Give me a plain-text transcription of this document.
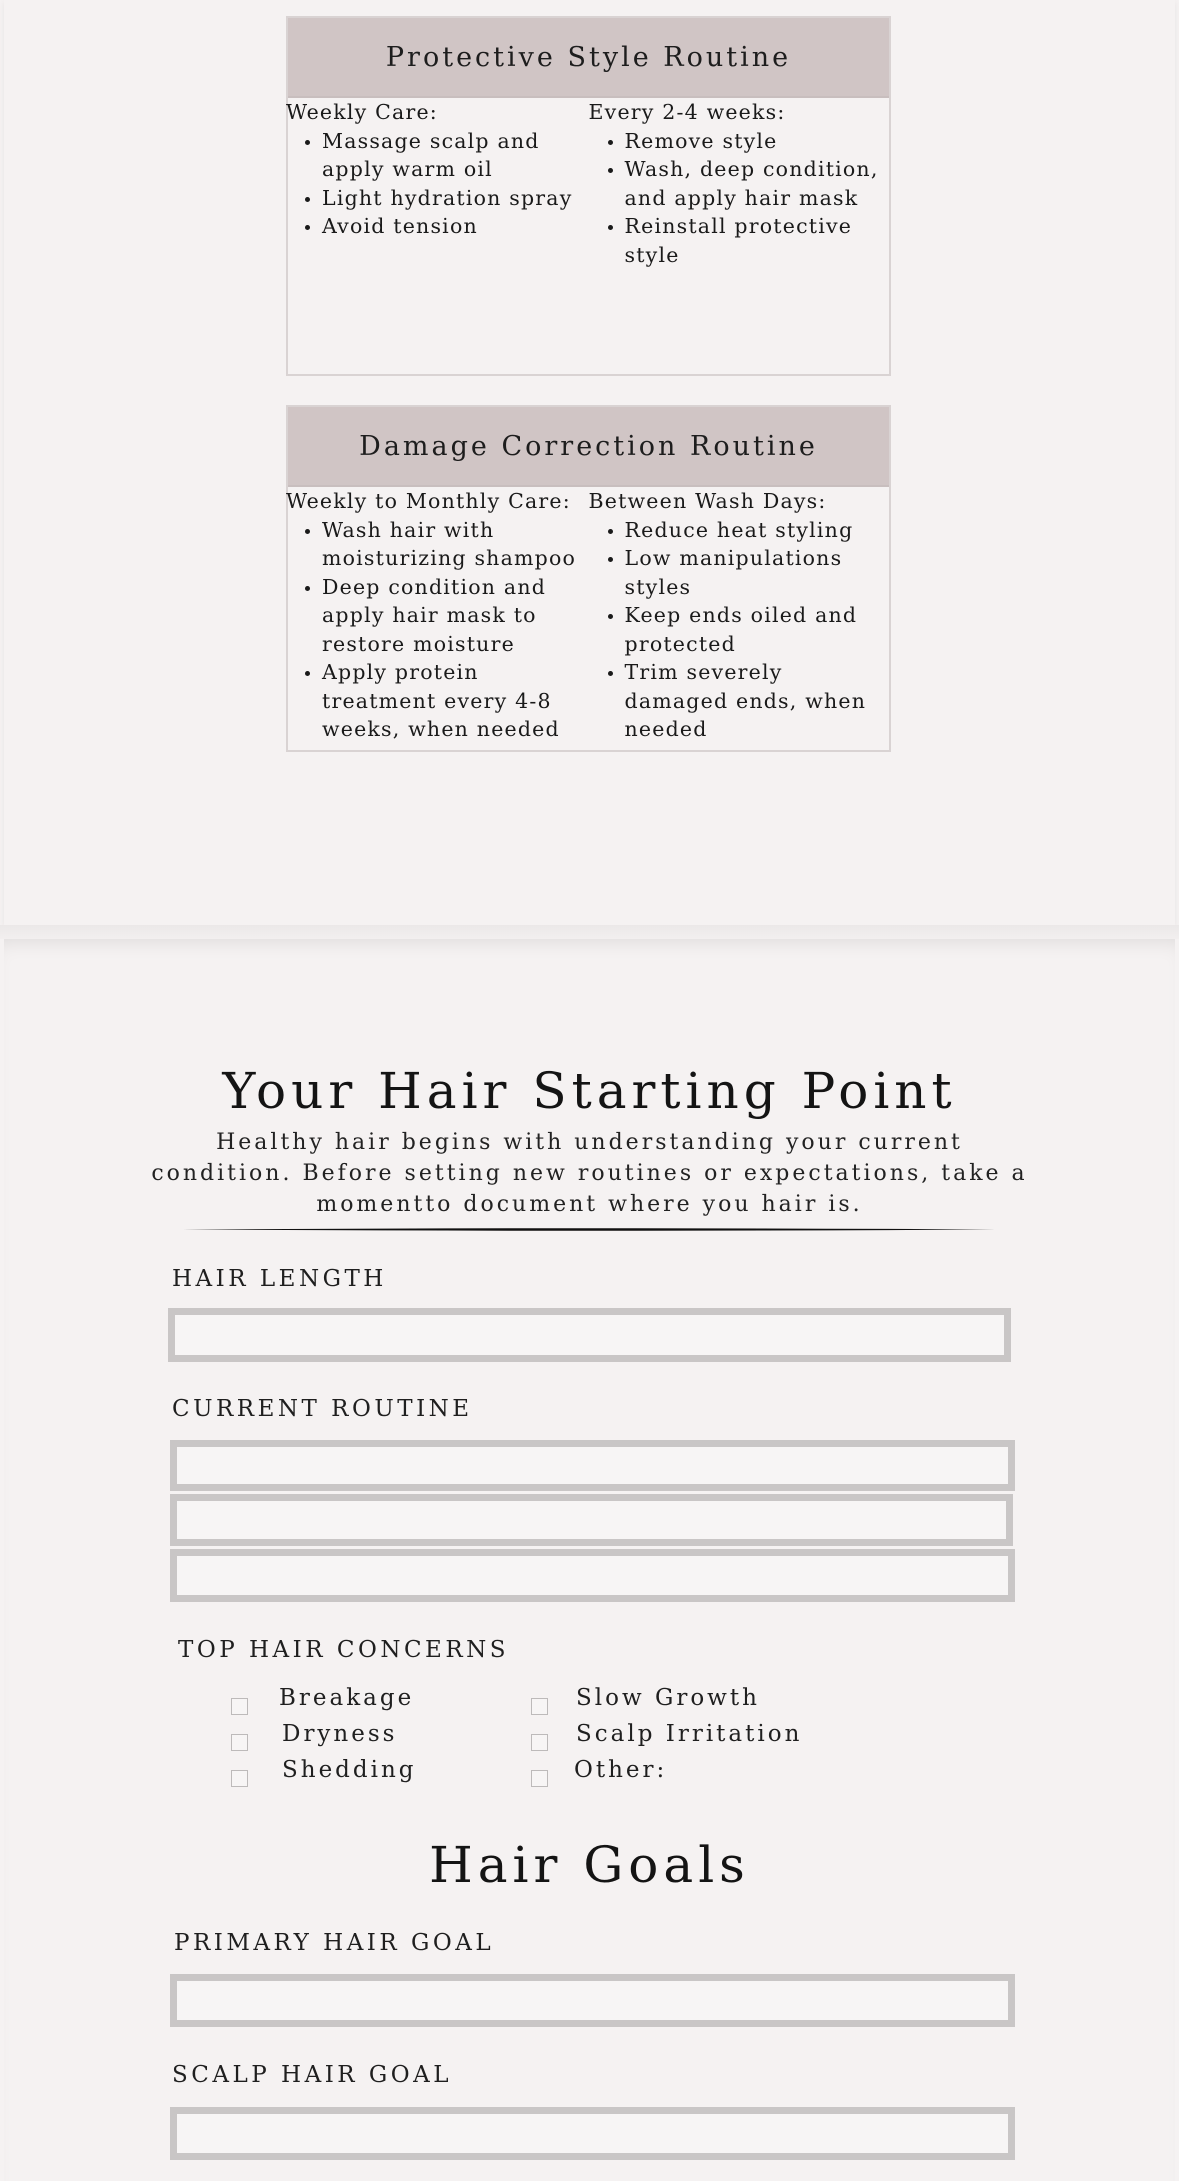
Protective Style Routine

Weekly Care:

• Massage scalp and apply warm oil
• Light hydration spray
• Avoid tension

Every 2-4 weeks:

• Remove style
• Wash, deep condition, and apply hair mask
• Reinstall protective style
Damage Correction Routine

Weekly to Monthly Care:

• Wash hair with moisturizing shampoo
• Deep condition and apply hair mask to restore moisture
• Apply protein treatment every 4-8 weeks, when needed

Between Wash Days:

• Reduce heat styling
• Low manipulations styles
• Keep ends oiled and protected
• Trim severely damaged ends, when needed
Your Hair Starting Point
Healthy hair begins with understanding your current condition. Before setting new routines or expectations, take a momentto document where you hair is.
HAIR LENGTH
CURRENT ROUTINE
TOP HAIR CONCERNS
Breakage
Dryness
Shedding
Slow Growth
Scalp Irritation
Other:
Hair Goals
PRIMARY HAIR GOAL
SCALP HAIR GOAL
